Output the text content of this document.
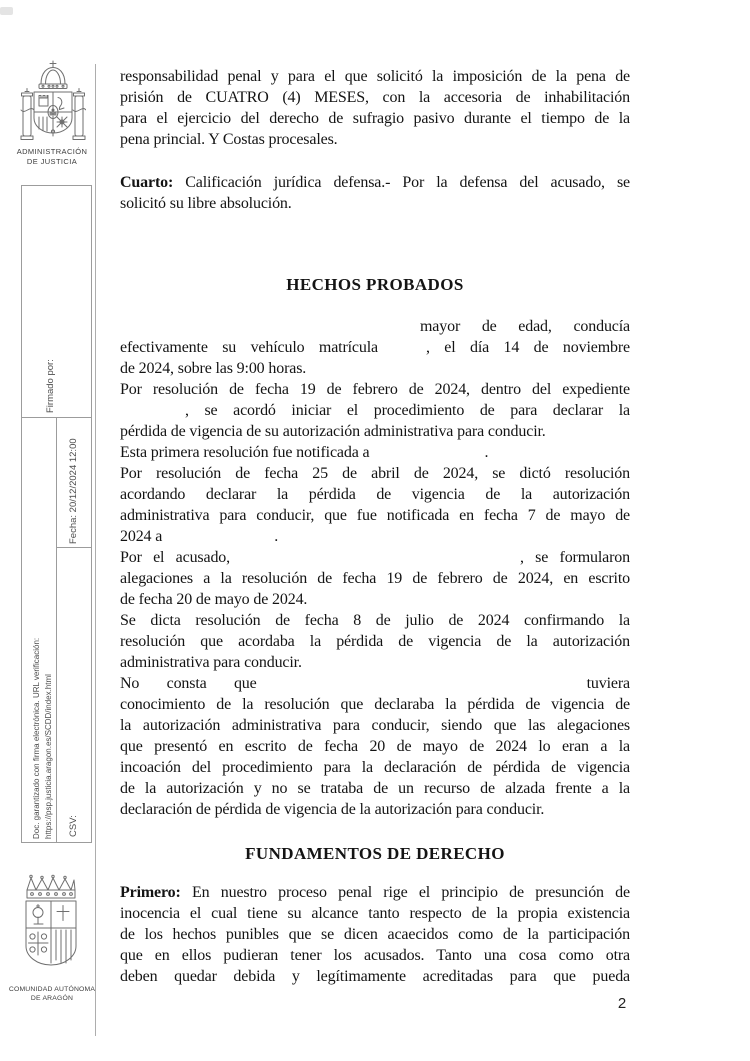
ADMINISTRACIÓN
DE JUSTICIA
Firmado por:
Doc. garantizado con firma electrónica. URL verificación: https://psp.justicia.aragon.es/SCDD/index.html
Fecha: 20/12/2024 12:00
CSV:
COMUNIDAD AUTÓNOMA
DE ARAGÓN
responsabilidad penal y para el que solicitó la imposición de la pena de
prisión de CUATRO (4) MESES, con la accesoria de inhabilitación
para el ejercicio del derecho de sufragio pasivo durante el tiempo de la
pena princial. Y Costas procesales.
Cuarto: Calificación jurídica defensa.- Por la defensa del acusado, se
solicitó su libre absolución.
HECHOS PROBADOS
mayor de edad, conducía
efectivamente su vehículo matrícula	, el día 14 de noviembre
de 2024, sobre las 9:00 horas.
Por resolución de fecha 19 de febrero de 2024, dentro del expediente
, se acordó iniciar el procedimiento de para declarar la
pérdida de vigencia de su autorización administrativa para conducir.
Esta primera resolución fue notificada a	.
Por resolución de fecha 25 de abril de 2024, se dictó resolución
acordando declarar la pérdida de vigencia de la autorización
administrativa para conducir, que fue notificada en fecha 7 de mayo de
2024 a	.
Por el acusado,	, se formularon
alegaciones a la resolución de fecha 19 de febrero de 2024, en escrito
de fecha 20 de mayo de 2024.
Se dicta resolución de fecha 8 de julio de 2024 confirmando la
resolución que acordaba la pérdida de vigencia de la autorización
administrativa para conducir.
No consta que	tuviera
conocimiento de la resolución que declaraba la pérdida de vigencia de
la autorización administrativa para conducir, siendo que las alegaciones
que presentó en escrito de fecha 20 de mayo de 2024 lo eran a la
incoación del procedimiento para la declaración de pérdida de vigencia
de la autorización y no se trataba de un recurso de alzada frente a la
declaración de pérdida de vigencia de la autorización para conducir.
FUNDAMENTOS DE DERECHO
Primero: En nuestro proceso penal rige el principio de presunción de
inocencia el cual tiene su alcance tanto respecto de la propia existencia
de los hechos punibles que se dicen acaecidos como de la participación
que en ellos pudieran tener los acusados. Tanto una cosa como otra
deben quedar debida y legítimamente acreditadas para que pueda
2
